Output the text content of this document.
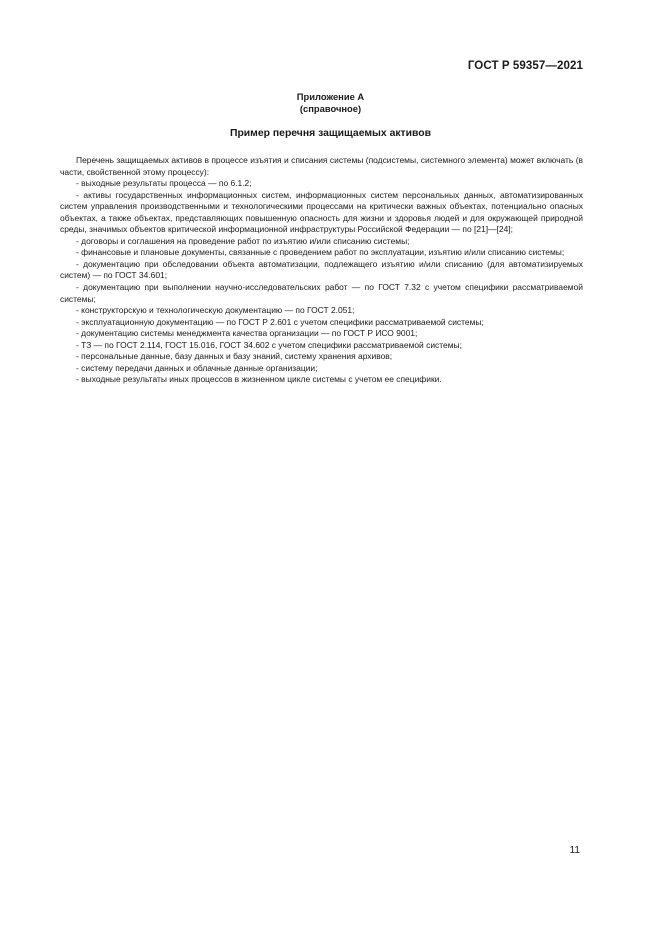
ГОСТ Р 59357—2021
Приложение А
(справочное)
Пример перечня защищаемых активов

Перечень защищаемых активов в процессе изъятия и списания системы (подсистемы, системного элемента) может включать (в части, свойственной этому процессу):

- выходные результаты процесса — по 6.1.2;

- активы государственных информационных систем, информационных систем персональных данных, автоматизированных систем управления производственными и технологическими процессами на критически важных объектах, потенциально опасных объектах, а также объектах, представляющих повышенную опасность для жизни и здоровья людей и для окружающей природной среды, значимых объектов критической информационной инфраструктуры Российской Федерации — по [21]—[24];

- договоры и соглашения на проведение работ по изъятию и/или списанию системы;

- финансовые и плановые документы, связанные с проведением работ по эксплуатации, изъятию и/или списанию системы;

- документацию при обследовании объекта автоматизации, подлежащего изъятию и/или списанию (для автоматизируемых систем) — по ГОСТ 34.601;

- документацию при выполнении научно-исследовательских работ — по ГОСТ 7.32 с учетом специфики рассматриваемой системы;

- конструкторскую и технологическую документацию — по ГОСТ 2.051;

- эксплуатационную документацию — по ГОСТ Р 2.601 с учетом специфики рассматриваемой системы;

- документацию системы менеджмента качества организации — по ГОСТ Р ИСО 9001;

- ТЗ — по ГОСТ 2.114, ГОСТ 15.016, ГОСТ 34.602 с учетом специфики рассматриваемой системы;

- персональные данные, базу данных и базу знаний, систему хранения архивов;

- систему передачи данных и облачные данные организации;

- выходные результаты иных процессов в жизненном цикле системы с учетом ее специфики.

11
